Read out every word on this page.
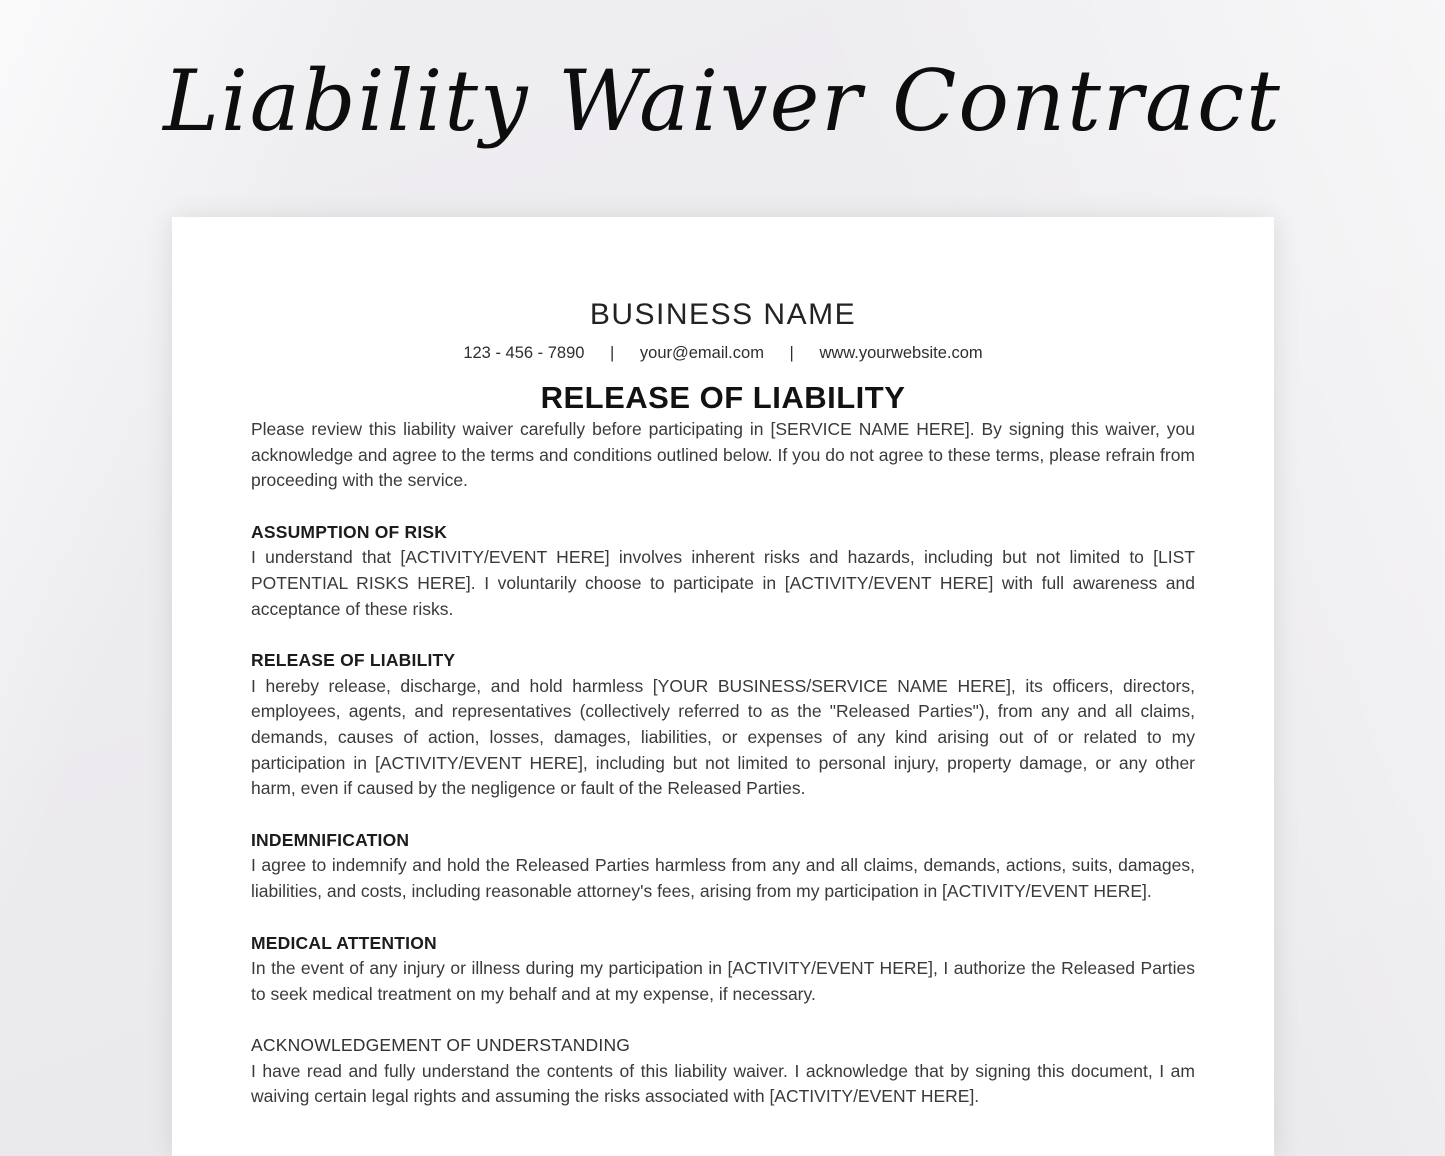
Liability Waiver Contract
BUSINESS NAME
123 - 456 - 7890 | your@email.com | www.yourwebsite.com
RELEASE OF LIABILITY

Please review this liability waiver carefully before participating in [SERVICE NAME HERE]. By signing this waiver, you acknowledge and agree to the terms and conditions outlined below. If you do not agree to these terms, please refrain from proceeding with the service.

ASSUMPTION OF RISK

I understand that [ACTIVITY/EVENT HERE] involves inherent risks and hazards, including but not limited to [LIST POTENTIAL RISKS HERE]. I voluntarily choose to participate in [ACTIVITY/EVENT HERE] with full awareness and acceptance of these risks.

RELEASE OF LIABILITY

I hereby release, discharge, and hold harmless [YOUR BUSINESS/SERVICE NAME HERE], its officers, directors, employees, agents, and representatives (collectively referred to as the "Released Parties"), from any and all claims, demands, causes of action, losses, damages, liabilities, or expenses of any kind arising out of or related to my participation in [ACTIVITY/EVENT HERE], including but not limited to personal injury, property damage, or any other harm, even if caused by the negligence or fault of the Released Parties.

INDEMNIFICATION

I agree to indemnify and hold the Released Parties harmless from any and all claims, demands, actions, suits, damages, liabilities, and costs, including reasonable attorney's fees, arising from my participation in [ACTIVITY/EVENT HERE].

MEDICAL ATTENTION

In the event of any injury or illness during my participation in [ACTIVITY/EVENT HERE], I authorize the Released Parties to seek medical treatment on my behalf and at my expense, if necessary.

ACKNOWLEDGEMENT OF UNDERSTANDING

I have read and fully understand the contents of this liability waiver. I acknowledge that by signing this document, I am waiving certain legal rights and assuming the risks associated with [ACTIVITY/EVENT HERE].
